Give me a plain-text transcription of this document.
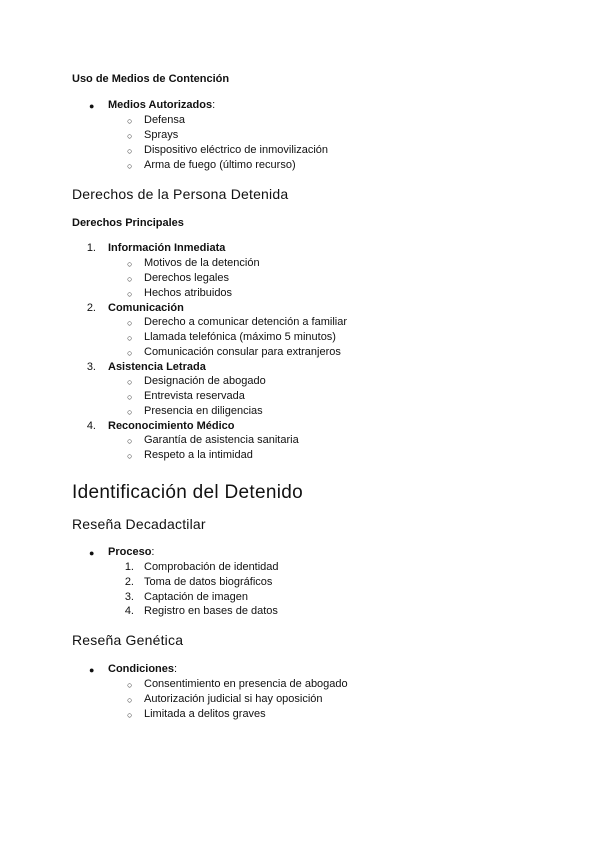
Uso de Medios de Contención
● Medios Autorizados:
○ Defensa
○ Sprays
○ Dispositivo eléctrico de inmovilización
○ Arma de fuego (último recurso)
Derechos de la Persona Detenida
Derechos Principales
1. Información Inmediata
○ Motivos de la detención
○ Derechos legales
○ Hechos atribuidos
2. Comunicación
○ Derecho a comunicar detención a familiar
○ Llamada telefónica (máximo 5 minutos)
○ Comunicación consular para extranjeros
3. Asistencia Letrada
○ Designación de abogado
○ Entrevista reservada
○ Presencia en diligencias
4. Reconocimiento Médico
○ Garantía de asistencia sanitaria
○ Respeto a la intimidad
Identificación del Detenido
Reseña Decadactilar
● Proceso:
1. Comprobación de identidad
2. Toma de datos biográficos
3. Captación de imagen
4. Registro en bases de datos
Reseña Genética
● Condiciones:
○ Consentimiento en presencia de abogado
○ Autorización judicial si hay oposición
○ Limitada a delitos graves
